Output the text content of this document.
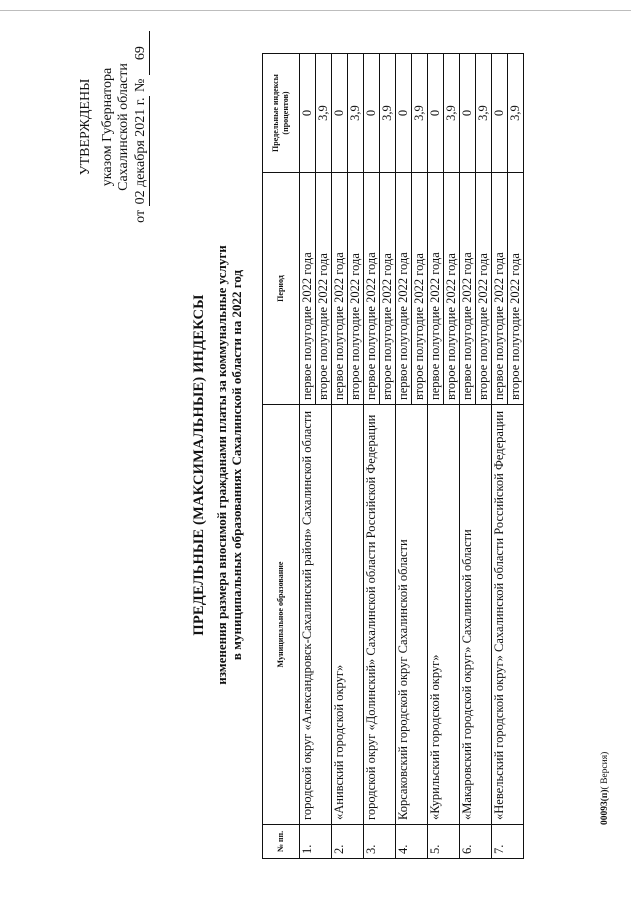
УТВЕРЖДЕНЫ указом Губернатора Сахалинской области
от 02 декабря 2021 г. № 69
ПРЕДЕЛЬНЫЕ (МАКСИМАЛЬНЫЕ) ИНДЕКСЫ изменения размера вносимой гражданами платы за коммунальные услуги в муниципальных образованиях Сахалинской области на 2022 год
№ пп.	Муниципальное образование	Период	Предельные индексы (процентов)
1.	городской округ «Александровск-Сахалинский район» Сахалинской области	первое полугодие 2022 года	0
		второе полугодие 2022 года	3,9
2.	«Анивский городской округ»	первое полугодие 2022 года	0
		второе полугодие 2022 года	3,9
3.	городской округ «Долинский» Сахалинской области Российской Федерации	первое полугодие 2022 года	0
		второе полугодие 2022 года	3,9
4.	Корсаковский городской округ Сахалинской области	первое полугодие 2022 года	0
		второе полугодие 2022 года	3,9
5.	«Курильский городской округ»	первое полугодие 2022 года	0
		второе полугодие 2022 года	3,9
6.	«Макаровский городской округ» Сахалинской области	первое полугодие 2022 года	0
		второе полугодие 2022 года	3,9
7.	«Невельский городской округ» Сахалинской области Российской Федерации	первое полугодие 2022 года	0
		второе полугодие 2022 года	3,9
00093(п)( Версия)
